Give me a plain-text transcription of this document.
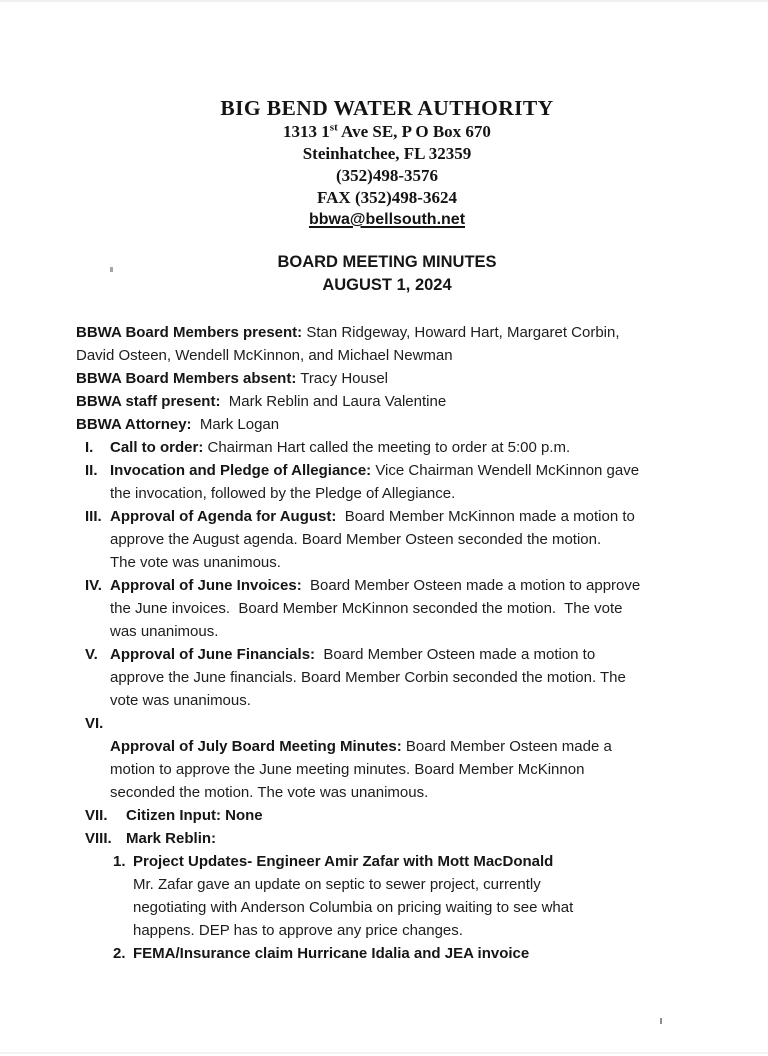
BIG BEND WATER AUTHORITY
1313 1st Ave SE, P O Box 670
Steinhatchee, FL 32359
(352)498-3576
FAX (352)498-3624
bbwa@bellsouth.net
BOARD MEETING MINUTES
AUGUST 1, 2024
BBWA Board Members present: Stan Ridgeway, Howard Hart, Margaret Corbin,
David Osteen, Wendell McKinnon, and Michael Newman
BBWA Board Members absent: Tracy Housel
BBWA staff present:  Mark Reblin and Laura Valentine
BBWA Attorney:  Mark Logan
I. Call to order: Chairman Hart called the meeting to order at 5:00 p.m.
II. Invocation and Pledge of Allegiance: Vice Chairman Wendell McKinnon gave
the invocation, followed by the Pledge of Allegiance.
III. Approval of Agenda for August:  Board Member McKinnon made a motion to
approve the August agenda. Board Member Osteen seconded the motion.
The vote was unanimous.
IV. Approval of June Invoices:  Board Member Osteen made a motion to approve
the June invoices.  Board Member McKinnon seconded the motion.  The vote
was unanimous.
V. Approval of June Financials:  Board Member Osteen made a motion to
approve the June financials. Board Member Corbin seconded the motion. The
vote was unanimous.
VI.
Approval of July Board Meeting Minutes: Board Member Osteen made a
motion to approve the June meeting minutes. Board Member McKinnon
seconded the motion. The vote was unanimous.
VII. Citizen Input: None
VIII. Mark Reblin:
1. Project Updates- Engineer Amir Zafar with Mott MacDonald
Mr. Zafar gave an update on septic to sewer project, currently
negotiating with Anderson Columbia on pricing waiting to see what
happens. DEP has to approve any price changes.
2. FEMA/Insurance claim Hurricane Idalia and JEA invoice
